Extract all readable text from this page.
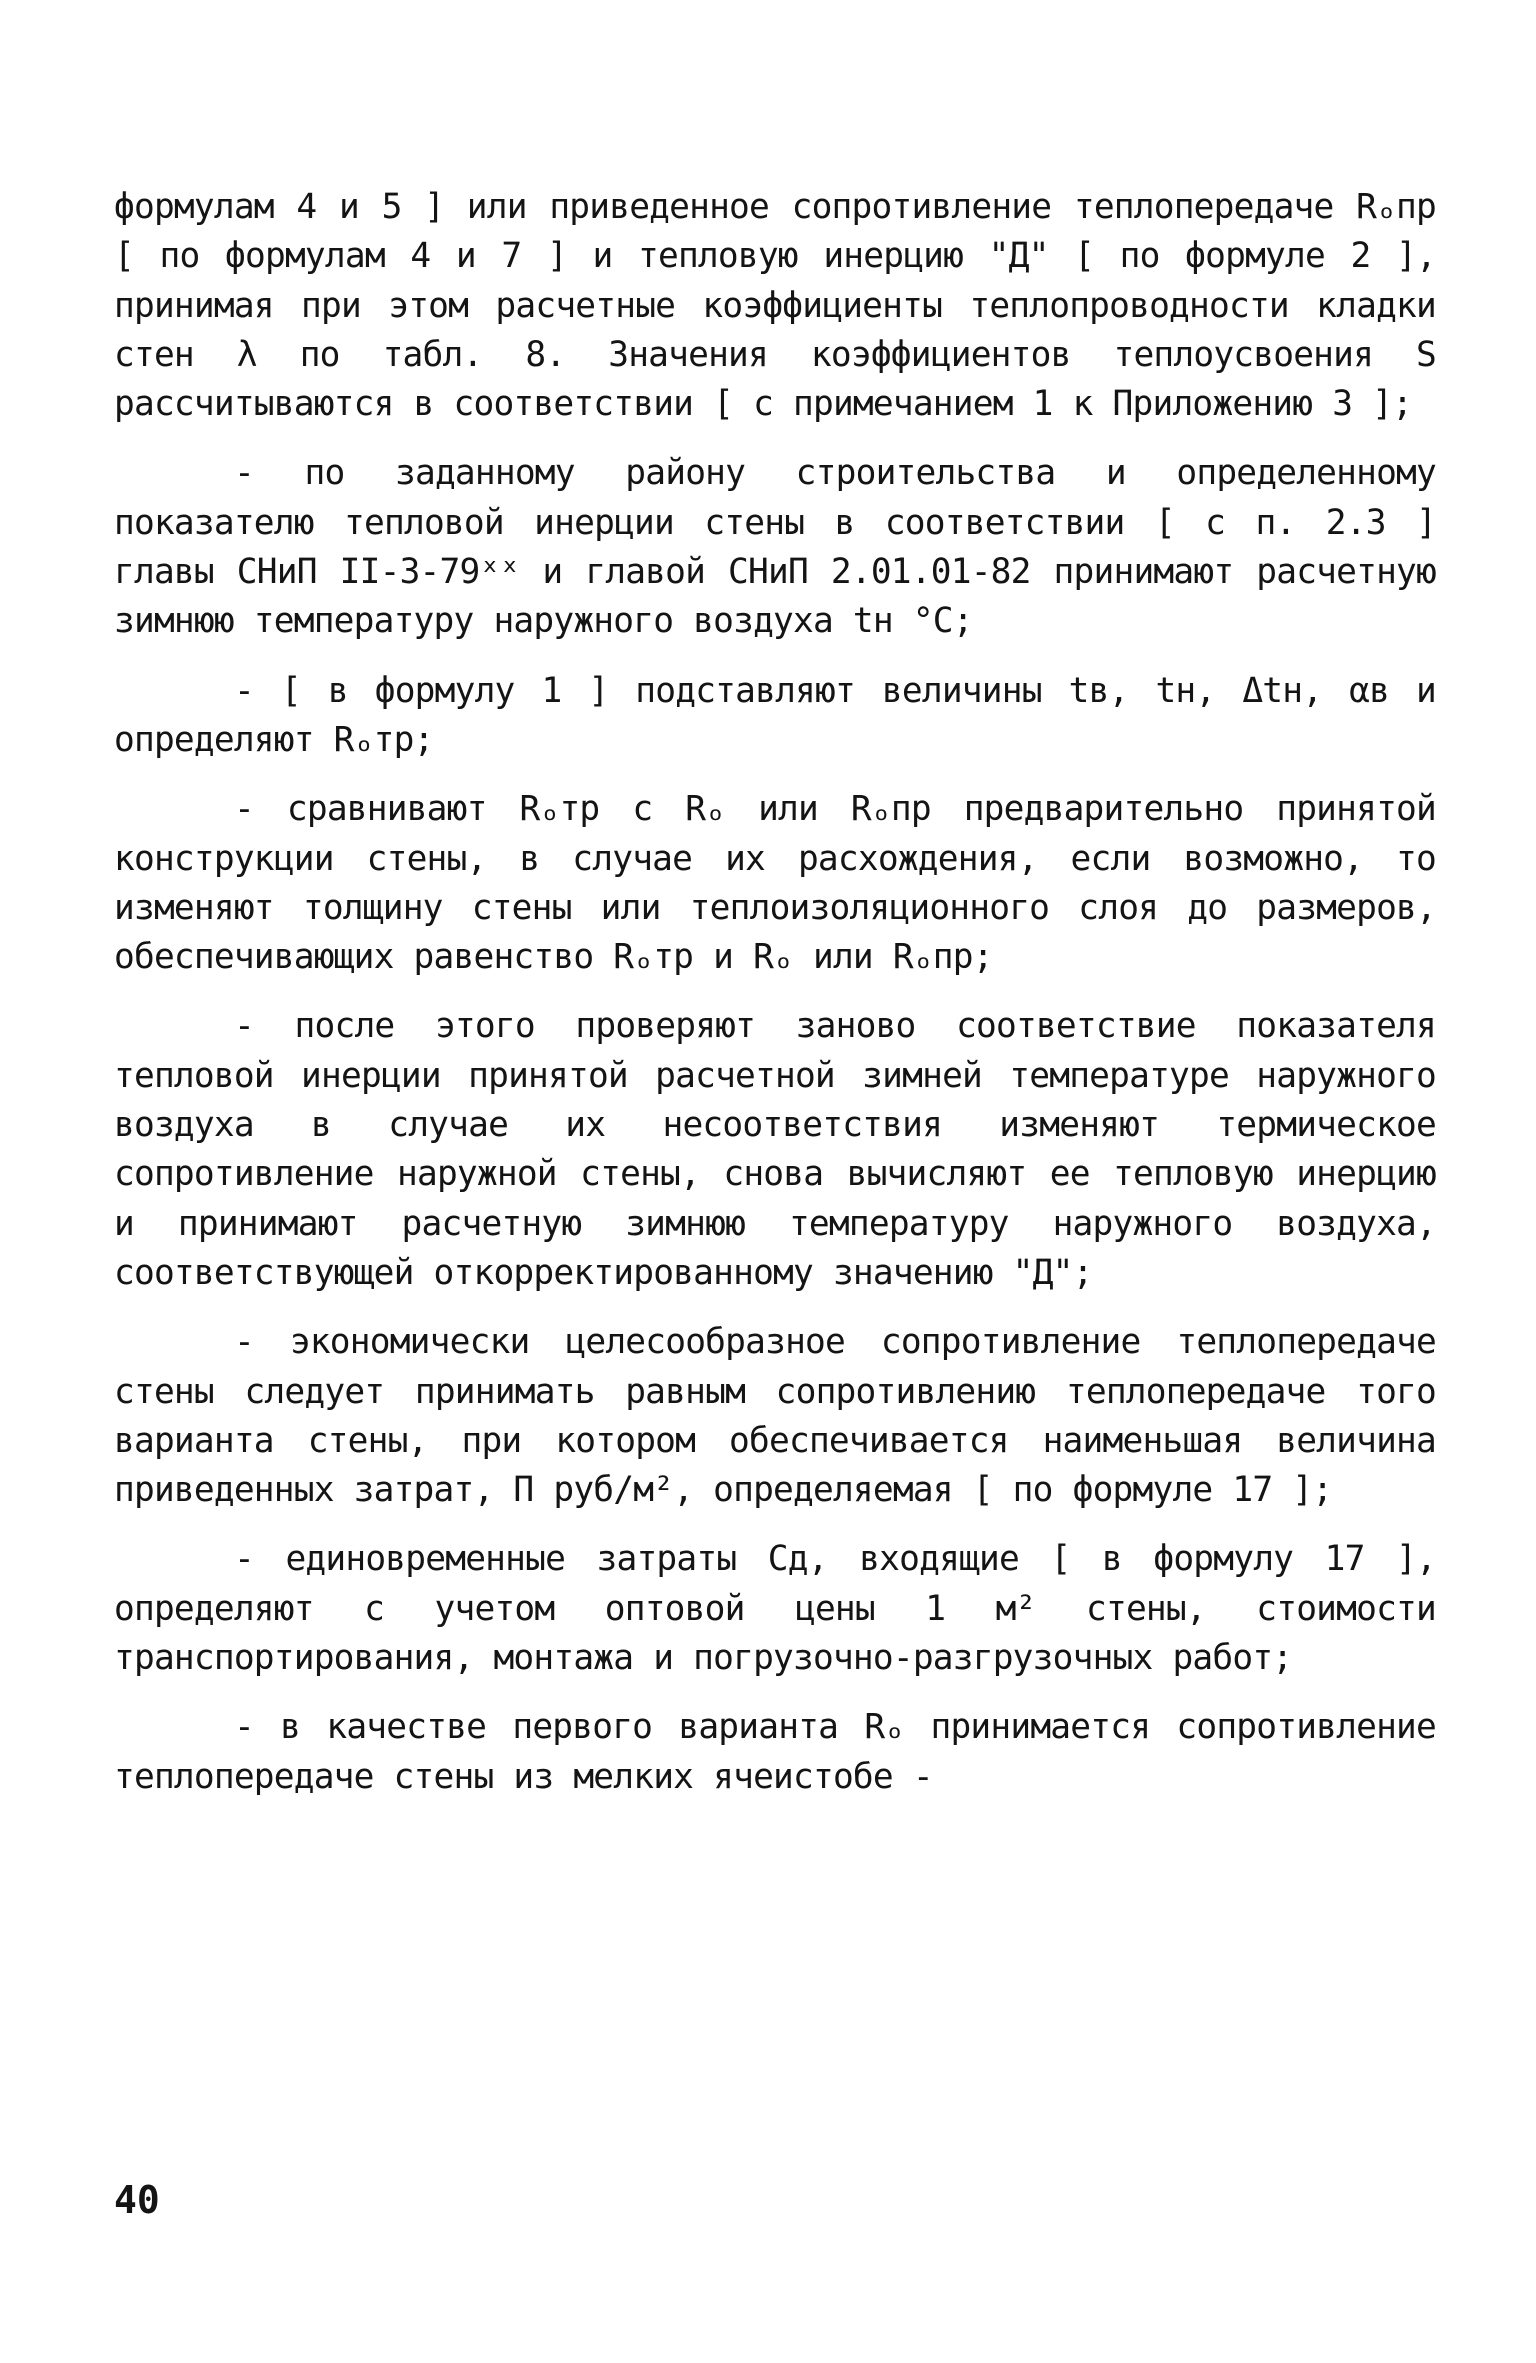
формулам 4 и 5 ] или приведенное сопротивление теплопередаче Rₒпр [ по формулам 4 и 7 ] и тепловую инерцию "Д" [ по формуле 2 ], принимая при этом расчетные коэффициенты теплопроводности кладки стен λ по табл. 8. Значения коэффициентов теплоусвоения S рассчитываются в соответствии [ с примечанием 1 к Приложению 3 ];

- по заданному району строительства и определенному показателю тепловой инерции стены в соответствии [ с п. 2.3 ] главы СНиП II-3-79ˣˣ и главой СНиП 2.01.01-82 принимают расчетную зимнюю температуру наружного воздуха tн °С;

- [ в формулу 1 ] подставляют величины tв, tн, Δtн, αв и определяют Rₒтр;

- сравнивают Rₒтр с Rₒ или Rₒпр предварительно принятой конструкции стены, в случае их расхождения, если возможно, то изменяют толщину стены или теплоизоляционного слоя до размеров, обеспечивающих равенство Rₒтр и Rₒ или Rₒпр;

- после этого проверяют заново соответствие показателя тепловой инерции принятой расчетной зимней температуре наружного воздуха в случае их несоответствия изменяют термическое сопротивление наружной стены, снова вычисляют ее тепловую инерцию и принимают расчетную зимнюю температуру наружного воздуха, соответствующей откорректированному значению "Д";

- экономически целесообразное сопротивление теплопередаче стены следует принимать равным сопротивлению теплопередаче того варианта стены, при котором обеспечивается наименьшая величина приведенных затрат, П руб/м², определяемая [ по формуле 17 ];

- единовременные затраты Сд, входящие [ в формулу 17 ], определяют с учетом оптовой цены 1 м² стены, стоимости транспортирования, монтажа и погрузочно-разгрузочных работ;

- в качестве первого варианта Rₒ принимается сопротивление теплопередаче стены из мелких ячеистобе -

40
